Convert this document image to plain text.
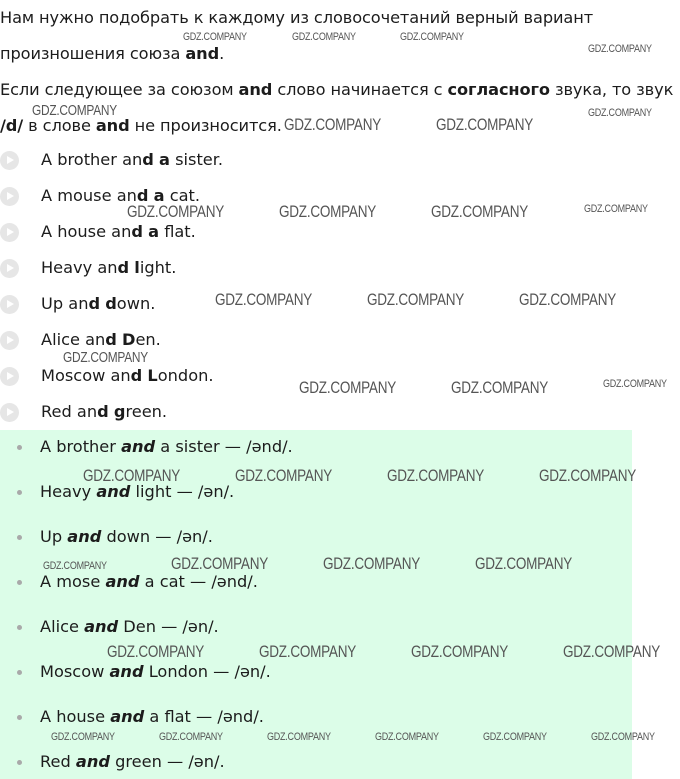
Нам нужно подобрать к каждому из словосочетаний верный вариант произношения союза and.
Если следующее за союзом and слово начинается с согласного звука, то звук /d/ в слове and не произносится.
A brother and a sister.
A mouse and a cat.
A house and a flat.
Heavy and light.
Up and down.
Alice and Den.
Moscow and London.
Red and green.
A brother and a sister — /ənd/.
Heavy and light — /ən/.
Up and down — /ən/.
A mose and a cat — /ənd/.
Alice and Den — /ən/.
Moscow and London — /ən/.
A house and a flat — /ənd/.
Red and green — /ən/.
GDZ.COMPANY	GDZ.COMPANY	GDZ.COMPANY
GDZ.COMPANY
GDZ.COMPANY
GDZ.COMPANY	GDZ.COMPANY
GDZ.COMPANY
GDZ.COMPANY	GDZ.COMPANY	GDZ.COMPANY	GDZ.COMPANY
GDZ.COMPANY	GDZ.COMPANY	GDZ.COMPANY
GDZ.COMPANY
GDZ.COMPANY	GDZ.COMPANY	GDZ.COMPANY
GDZ.COMPANY	GDZ.COMPANY	GDZ.COMPANY	GDZ.COMPANY
GDZ.COMPANY	GDZ.COMPANY	GDZ.COMPANY	GDZ.COMPANY
GDZ.COMPANY	GDZ.COMPANY	GDZ.COMPANY	GDZ.COMPANY
GDZ.COMPANY	GDZ.COMPANY	GDZ.COMPANY	GDZ.COMPANY	GDZ.COMPANY	GDZ.COMPANY
